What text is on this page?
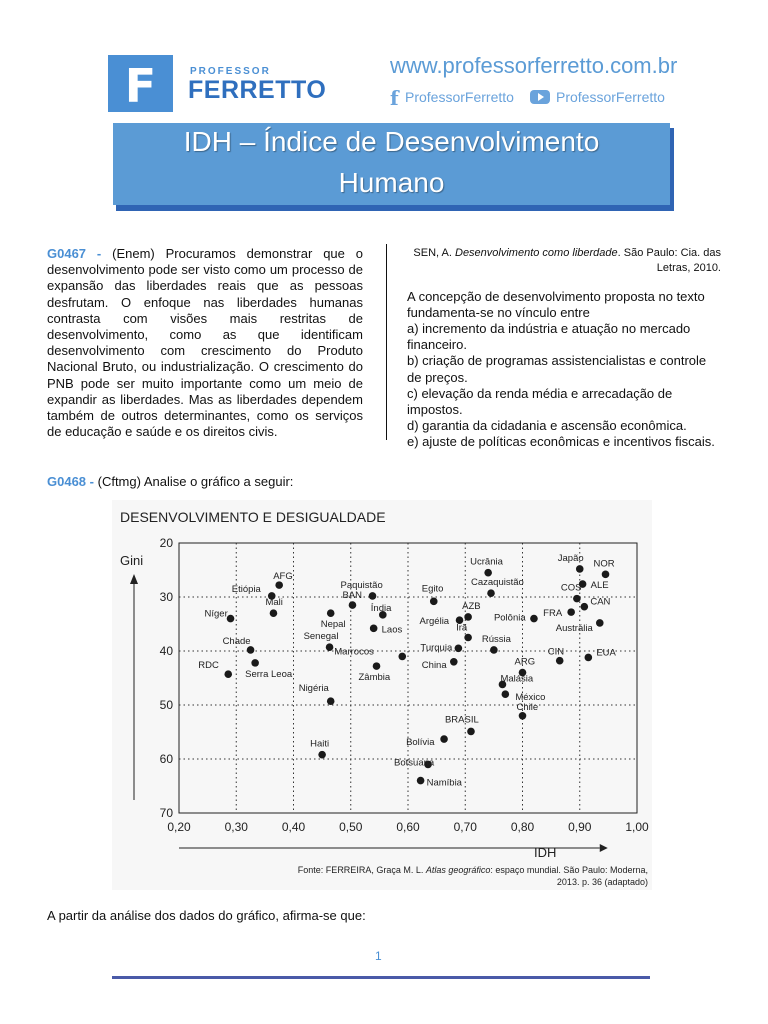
F	PROFESSOR
FERRETTO
www.professorferretto.com.br
f ProfessorFerretto	ProfessorFerretto
IDH – Índice de Desenvolvimento
Humano
G0467 - (Enem) Procuramos demonstrar que o desenvolvimento pode ser visto como um processo de expansão das liberdades reais que as pessoas desfrutam. O enfoque nas liberdades humanas contrasta com visões mais restritas de desenvolvimento, como as que identificam desenvolvimento com crescimento do Produto Nacional Bruto, ou industrialização. O crescimento do PNB pode ser muito importante como um meio de expandir as liberdades. Mas as liberdades dependem também de outros determinantes, como os serviços de educação e saúde e os direitos civis.
SEN, A. Desenvolvimento como liberdade. São Paulo: Cia. das
Letras, 2010.
A concepção de desenvolvimento proposta no texto fundamenta-se no vínculo entre
a) incremento da indústria e atuação no mercado financeiro.
b) criação de programas assistencialistas e controle de preços.
c) elevação da renda média e arrecadação de impostos.
d) garantia da cidadania e ascensão econômica.
e) ajuste de políticas econômicas e incentivos fiscais.
G0468 - (Cftmg) Analise o gráfico a seguir:
DESENVOLVIMENTO E DESIGUALDADE
0,20	0,30	0,40	0,50	0,60	0,70	0,80	0,90	1,00
20
30
40
50
60
70
AFG
Etiópia
Mali
Níger
Chade
RDC
Serra Leoa
Paquistão
BAN
Nepal
Índia
Laos
Senegal
Marrocos
Zâmbia
Nigéria
Haiti
Egito
Ucrânia
Cazaquistão
AZB
Argélia
Irã
Turquia
Rússia
China
Polônia
ARG
Malásia
México
Chile
BRASIL
Bolívia
Botsuana
Namíbia
Japão NOR
ALE
COS
CAN
FRA
Austrália
CIN	EUA
IDH
Gini
Fonte: FERREIRA, Graça M. L. Atlas geográfico: espaço mundial. São Paulo: Moderna,
2013. p. 36 (adaptado)
A partir da análise dos dados do gráfico, afirma-se que:
1
